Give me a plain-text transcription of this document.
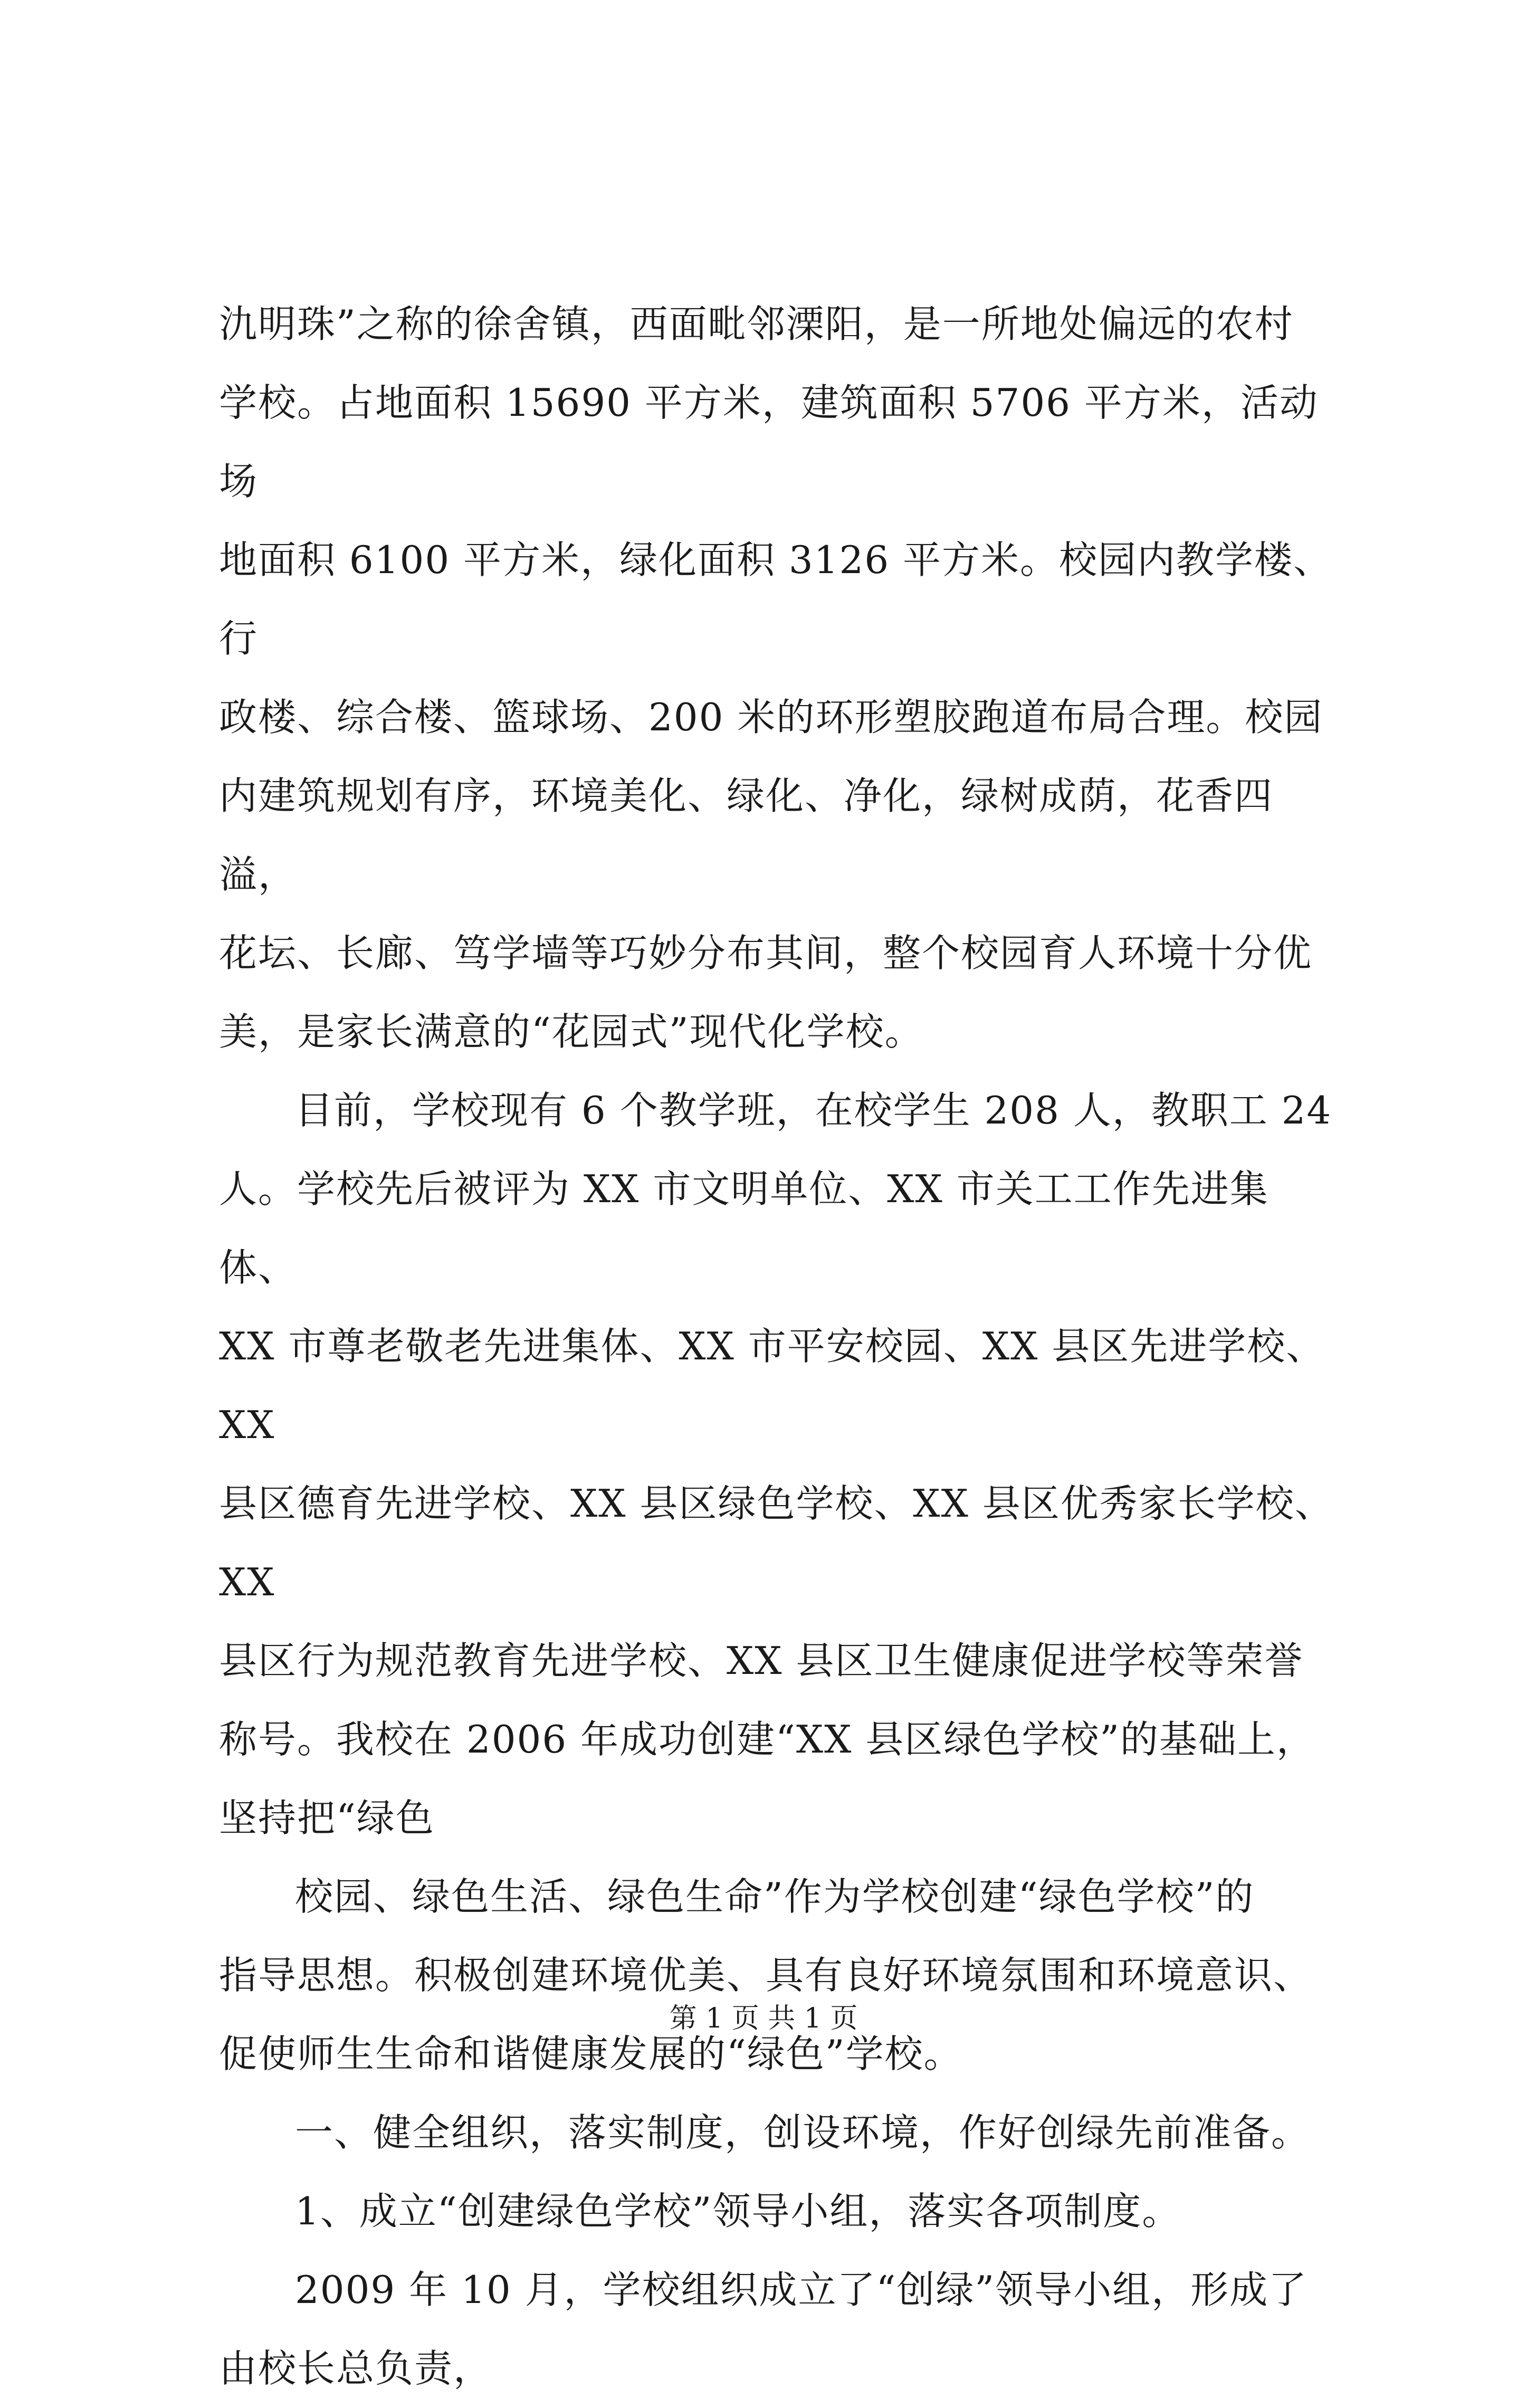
氿明珠”之称的徐舍镇，西面毗邻溧阳，是一所地处偏远的农村
学校。占地面积 15690 平方米，建筑面积 5706 平方米，活动场
地面积 6100 平方米，绿化面积 3126 平方米。校园内教学楼、行
政楼、综合楼、篮球场、200 米的环形塑胶跑道布局合理。校园
内建筑规划有序，环境美化、绿化、净化，绿树成荫，花香四溢，
花坛、长廊、笃学墙等巧妙分布其间，整个校园育人环境十分优
美，是家长满意的“花园式”现代化学校。

目前，学校现有 6 个教学班，在校学生 208 人，教职工 24
人。学校先后被评为 XX 市文明单位、XX 市关工工作先进集体、
XX 市尊老敬老先进集体、XX 市平安校园、XX 县区先进学校、XX
县区德育先进学校、XX 县区绿色学校、XX 县区优秀家长学校、XX
县区行为规范教育先进学校、XX 县区卫生健康促进学校等荣誉
称号。我校在 2006 年成功创建“XX 县区绿色学校”的基础上，
坚持把“绿色

校园、绿色生活、绿色生命”作为学校创建“绿色学校”的
指导思想。积极创建环境优美、具有良好环境氛围和环境意识、
促使师生生命和谐健康发展的“绿色”学校。

一、健全组织，落实制度，创设环境，作好创绿先前准备。

1、成立“创建绿色学校”领导小组，落实各项制度。

2009 年 10 月，学校组织成立了“创绿”领导小组，形成了
由校长总负责，

第 1 页 共 1 页
